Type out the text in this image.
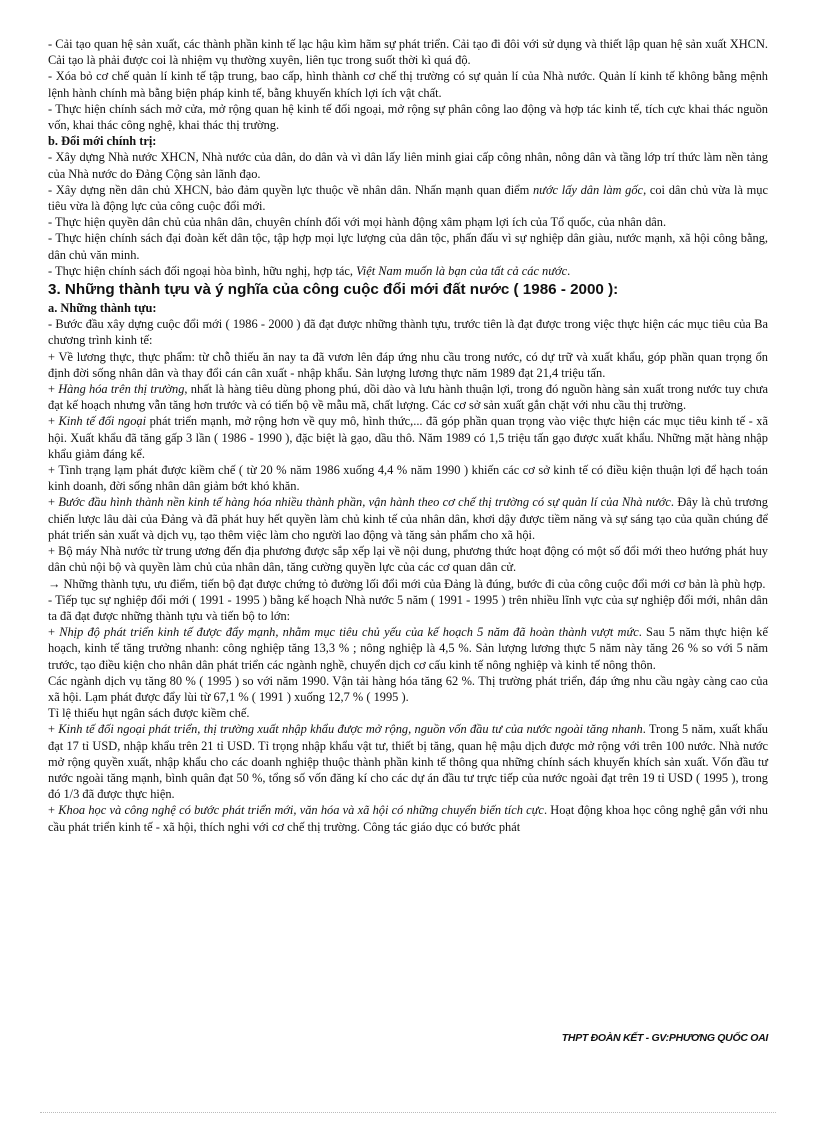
- Cải tạo quan hệ sản xuất, các thành phần kinh tế lạc hậu kìm hãm sự phát triển. Cải tạo đi đôi với sử dụng và thiết lập quan hệ sản xuất XHCN. Cải tạo là phải được coi là nhiệm vụ thường xuyên, liên tục trong suốt thời kì quá độ.

- Xóa bỏ cơ chế quản lí kinh tế tập trung, bao cấp, hình thành cơ chế thị trường có sự quản lí của Nhà nước. Quản lí kinh tế không bằng mệnh lệnh hành chính mà bằng biện pháp kinh tế, bằng khuyến khích lợi ích vật chất.

- Thực hiện chính sách mở cửa, mở rộng quan hệ kinh tế đối ngoại, mở rộng sự phân công lao động và hợp tác kinh tế, tích cực khai thác nguồn vốn, khai thác công nghệ, khai thác thị trường.

b. Đổi mới chính trị:

- Xây dựng Nhà nước XHCN, Nhà nước của dân, do dân và vì dân lấy liên minh giai cấp công nhân, nông dân và tầng lớp trí thức làm nền tảng của Nhà nước do Đảng Cộng sản lãnh đạo.

- Xây dựng nền dân chủ XHCN, bảo đảm quyền lực thuộc về nhân dân. Nhấn mạnh quan điểm nước lấy dân làm gốc, coi dân chủ vừa là mục tiêu vừa là động lực của công cuộc đổi mới.

- Thực hiện quyền dân chủ của nhân dân, chuyên chính đối với mọi hành động xâm phạm lợi ích của Tổ quốc, của nhân dân.

- Thực hiện chính sách đại đoàn kết dân tộc, tập hợp mọi lực lượng của dân tộc, phấn đấu vì sự nghiệp dân giàu, nước mạnh, xã hội công bằng, dân chủ văn minh.

- Thực hiện chính sách đối ngoại hòa bình, hữu nghị, hợp tác, Việt Nam muốn là bạn của tất cả các nước.

3. Những thành tựu và ý nghĩa của công cuộc đổi mới đất nước ( 1986 - 2000 ):

a. Những thành tựu:

- Bước đầu xây dựng cuộc đổi mới ( 1986 - 2000 ) đã đạt được những thành tựu, trước tiên là đạt được trong việc thực hiện các mục tiêu của Ba chương trình kinh tế:

+ Về lương thực, thực phẩm: từ chỗ thiếu ăn nay ta đã vươn lên đáp ứng nhu cầu trong nước, có dự trữ và xuất khẩu, góp phần quan trọng ổn định đời sống nhân dân và thay đổi cán cân xuất - nhập khẩu. Sản lượng lương thực năm 1989 đạt 21,4 triệu tấn.

+ Hàng hóa trên thị trường, nhất là hàng tiêu dùng phong phú, dồi dào và lưu hành thuận lợi, trong đó nguồn hàng sản xuất trong nước tuy chưa đạt kế hoạch nhưng vẫn tăng hơn trước và có tiến bộ về mẫu mã, chất lượng. Các cơ sở sản xuất gắn chặt với nhu cầu thị trường.

+ Kinh tế đối ngoại phát triển mạnh, mở rộng hơn về quy mô, hình thức,... đã góp phần quan trọng vào việc thực hiện các mục tiêu kinh tế - xã hội. Xuất khẩu đã tăng gấp 3 lần ( 1986 - 1990 ), đặc biệt là gạo, dầu thô. Năm 1989 có 1,5 triệu tấn gạo được xuất khẩu. Những mặt hàng nhập khẩu giảm đáng kể.

+ Tình trạng lạm phát được kiềm chế ( từ 20 % năm 1986 xuống 4,4 % năm 1990 ) khiến các cơ sở kinh tế có điều kiện thuận lợi để hạch toán kinh doanh, đời sống nhân dân giảm bớt khó khăn.

+ Bước đầu hình thành nền kinh tế hàng hóa nhiều thành phần, vận hành theo cơ chế thị trường có sự quản lí của Nhà nước. Đây là chủ trương chiến lược lâu dài của Đảng và đã phát huy hết quyền làm chủ kinh tế của nhân dân, khơi dậy được tiềm năng và sự sáng tạo của quần chúng để phát triển sản xuất và dịch vụ, tạo thêm việc làm cho người lao động và tăng sản phẩm cho xã hội.

+ Bộ máy Nhà nước từ trung ương đến địa phương được sắp xếp lại về nội dung, phương thức hoạt động có một số đổi mới theo hướng phát huy dân chủ nội bộ và quyền làm chủ của nhân dân, tăng cường quyền lực của các cơ quan dân cử.

→ Những thành tựu, ưu điểm, tiến bộ đạt được chứng tỏ đường lối đổi mới của Đảng là đúng, bước đi của công cuộc đổi mới cơ bản là phù hợp.

- Tiếp tục sự nghiệp đổi mới ( 1991 - 1995 ) bằng kế hoạch Nhà nước 5 năm ( 1991 - 1995 ) trên nhiều lĩnh vực của sự nghiệp đổi mới, nhân dân ta đã đạt được những thành tựu và tiến bộ to lớn:

+ Nhịp độ phát triển kinh tế được đẩy mạnh, nhằm mục tiêu chủ yếu của kế hoạch 5 năm đã hoàn thành vượt mức. Sau 5 năm thực hiện kế hoạch, kinh tế tăng trưởng nhanh: công nghiệp tăng 13,3 % ; nông nghiệp là 4,5 %. Sản lượng lương thực 5 năm này tăng 26 % so với 5 năm trước, tạo điều kiện cho nhân dân phát triển các ngành nghề, chuyển dịch cơ cấu kinh tế nông nghiệp và kinh tế nông thôn.

Các ngành dịch vụ tăng 80 % ( 1995 ) so với năm 1990. Vận tải hàng hóa tăng 62 %. Thị trường phát triển, đáp ứng nhu cầu ngày càng cao của xã hội. Lạm phát được đẩy lùi từ 67,1 % ( 1991 ) xuống 12,7 % ( 1995 ).

Tỉ lệ thiếu hụt ngân sách được kiềm chế.

+ Kinh tế đối ngoại phát triển, thị trường xuất nhập khẩu được mở rộng, nguồn vốn đầu tư của nước ngoài tăng nhanh. Trong 5 năm, xuất khẩu đạt 17 tỉ USD, nhập khẩu trên 21 tỉ USD. Tỉ trọng nhập khẩu vật tư, thiết bị tăng, quan hệ mậu dịch được mở rộng với trên 100 nước. Nhà nước mở rộng quyền xuất, nhập khẩu cho các doanh nghiệp thuộc thành phần kinh tế thông qua những chính sách khuyến khích sản xuất. Vốn đầu tư nước ngoài tăng mạnh, bình quân đạt 50 %, tổng số vốn đăng kí cho các dự án đầu tư trực tiếp của nước ngoài đạt trên 19 tỉ USD ( 1995 ), trong đó 1/3 đã được thực hiện.

+ Khoa học và công nghệ có bước phát triển mới, văn hóa và xã hội có những chuyển biến tích cực. Hoạt động khoa học công nghệ gắn với nhu cầu phát triển kinh tế - xã hội, thích nghi với cơ chế thị trường. Công tác giáo dục có bước phát

THPT ĐOÀN KẾT - GV:PHƯƠNG QUỐC OAI
